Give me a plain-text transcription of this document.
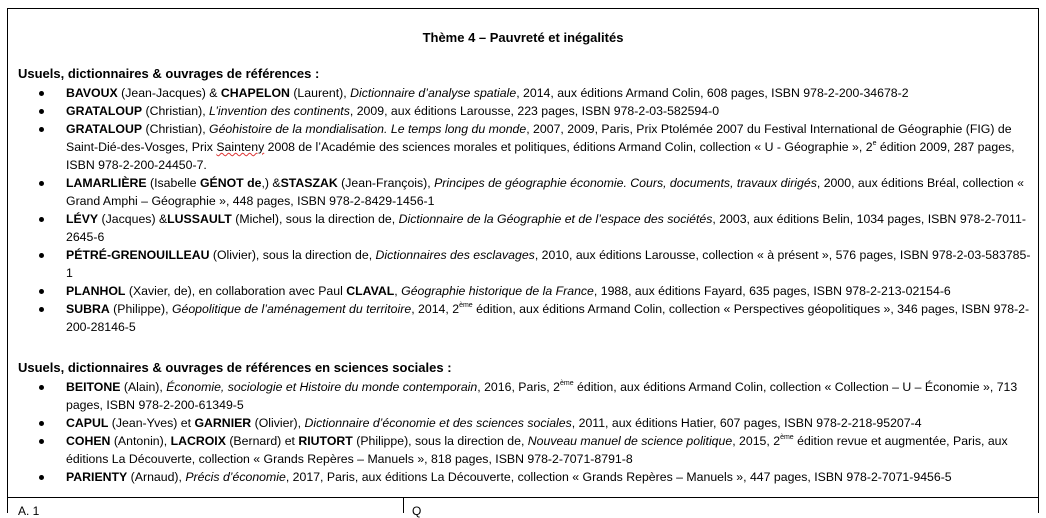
Thème 4 – Pauvreté et inégalités
Usuels, dictionnaires & ouvrages de références :
BAVOUX (Jean-Jacques) & CHAPELON (Laurent), Dictionnaire d’analyse spatiale, 2014, aux éditions Armand Colin, 608 pages, ISBN 978-2-200-34678-2
GRATALOUP (Christian), L’invention des continents, 2009, aux éditions Larousse, 223 pages, ISBN 978-2-03-582594-0
GRATALOUP (Christian), Géohistoire de la mondialisation. Le temps long du monde, 2007, 2009, Paris, Prix Ptolémée 2007 du Festival International de Géographie (FIG) de Saint-Dié-des-Vosges, Prix Sainteny 2008 de l’Académie des sciences morales et politiques, éditions Armand Colin, collection « U - Géographie », 2e édition 2009, 287 pages, ISBN 978-2-200-24450-7.
LAMARLIÈRE (Isabelle GÉNOT de,) &STASZAK (Jean-François), Principes de géographie économie. Cours, documents, travaux dirigés, 2000, aux éditions Bréal, collection « Grand Amphi – Géographie », 448 pages, ISBN 978-2-8429-1456-1
LÉVY (Jacques) &LUSSAULT (Michel), sous la direction de, Dictionnaire de la Géographie et de l’espace des sociétés, 2003, aux éditions Belin, 1034 pages, ISBN 978-2-7011-2645-6
PÉTRÉ-GRENOUILLEAU (Olivier), sous la direction de, Dictionnaires des esclavages, 2010, aux éditions Larousse, collection « à présent », 576 pages, ISBN 978-2-03-583785-1
PLANHOL (Xavier, de), en collaboration avec Paul CLAVAL, Géographie historique de la France, 1988, aux éditions Fayard, 635 pages, ISBN 978-2-213-02154-6
SUBRA (Philippe), Géopolitique de l’aménagement du territoire, 2014, 2ème édition, aux éditions Armand Colin, collection « Perspectives géopolitiques », 346 pages, ISBN 978-2-200-28146-5
Usuels, dictionnaires & ouvrages de références en sciences sociales :
BEITONE (Alain), Économie, sociologie et Histoire du monde contemporain, 2016, Paris, 2ème édition, aux éditions Armand Colin, collection « Collection – U – Économie », 713 pages, ISBN 978-2-200-61349-5
CAPUL (Jean-Yves) et GARNIER (Olivier), Dictionnaire d’économie et des sciences sociales, 2011, aux éditions Hatier, 607 pages, ISBN 978-2-218-95207-4
COHEN (Antonin), LACROIX (Bernard) et RIUTORT (Philippe), sous la direction de, Nouveau manuel de science politique, 2015, 2ème édition revue et augmentée, Paris, aux éditions La Découverte, collection « Grands Repères – Manuels », 818 pages, ISBN 978-2-7071-8791-8
PARIENTY (Arnaud), Précis d’économie, 2017, Paris, aux éditions La Découverte, collection « Grands Repères – Manuels », 447 pages, ISBN 978-2-7071-9456-5
A. 1	Q
